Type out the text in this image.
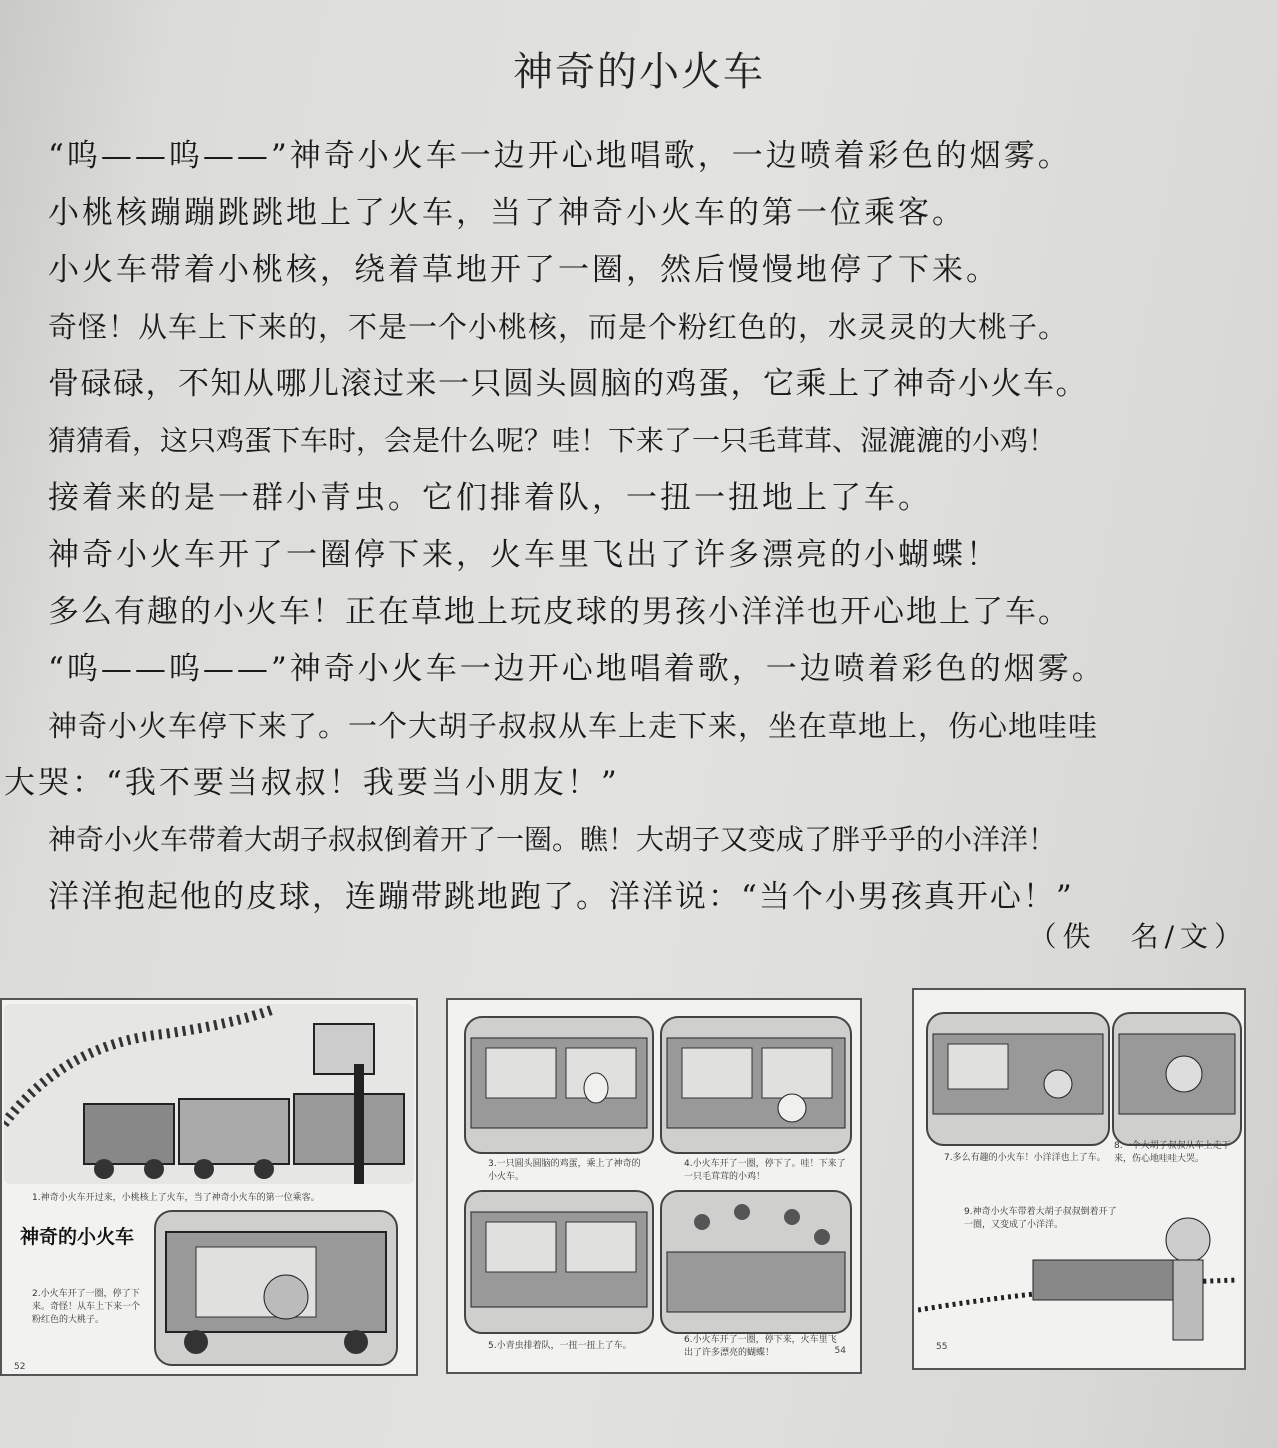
神奇的小火车
“呜——呜——”神奇小火车一边开心地唱歌，一边喷着彩色的烟雾。
小桃核蹦蹦跳跳地上了火车，当了神奇小火车的第一位乘客。
小火车带着小桃核，绕着草地开了一圈，然后慢慢地停了下来。
奇怪！从车上下来的，不是一个小桃核，而是个粉红色的，水灵灵的大桃子。
骨碌碌，不知从哪儿滚过来一只圆头圆脑的鸡蛋，它乘上了神奇小火车。
猜猜看，这只鸡蛋下车时，会是什么呢？哇！下来了一只毛茸茸、湿漉漉的小鸡！
接着来的是一群小青虫。它们排着队，一扭一扭地上了车。
神奇小火车开了一圈停下来，火车里飞出了许多漂亮的小蝴蝶！
多么有趣的小火车！正在草地上玩皮球的男孩小洋洋也开心地上了车。
“呜——呜——”神奇小火车一边开心地唱着歌，一边喷着彩色的烟雾。
神奇小火车停下来了。一个大胡子叔叔从车上走下来，坐在草地上，伤心地哇哇
大哭：“我不要当叔叔！我要当小朋友！”
神奇小火车带着大胡子叔叔倒着开了一圈。瞧！大胡子又变成了胖乎乎的小洋洋！
洋洋抱起他的皮球，连蹦带跳地跑了。洋洋说：“当个小男孩真开心！”
（佚　名/文）
1.神奇小火车开过来，小桃核上了火车，当了神奇小火车的第一位乘客。
神奇的小火车
2.小火车开了一圈，停了下来。奇怪！从车上下来一个粉红色的大桃子。
52
3.一只圆头圆脑的鸡蛋，乘上了神奇的小火车。
4.小火车开了一圈，停下了。哇！下来了一只毛茸茸的小鸡！
5.小青虫排着队，一扭一扭上了车。
6.小火车开了一圈，停下来，火车里飞出了许多漂亮的蝴蝶！	54
7.多么有趣的小火车！小洋洋也上了车。
8.一个大胡子叔叔从车上走下来，伤心地哇哇大哭。
9.神奇小火车带着大胡子叔叔倒着开了一圈，又变成了小洋洋。
55
